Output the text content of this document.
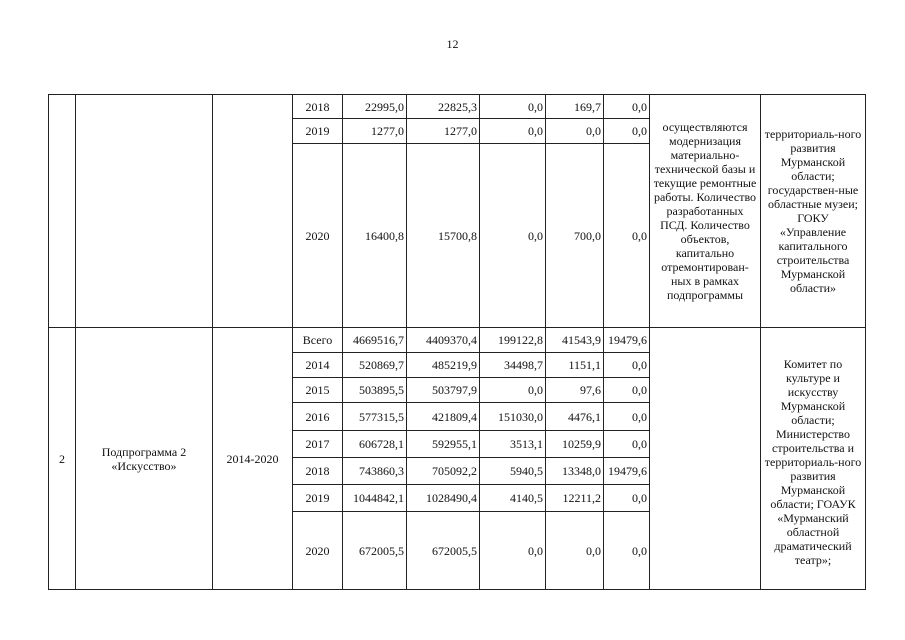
12
			2018	22995,0	22825,3	0,0	169,7	0,0	осуществляются модернизация материально-технической базы и текущие ремонтные работы. Количество разработанных ПСД. Количество объектов, капитально отремонтирован-ных в рамках подпрограммы	территориаль-ного развития Мурманской области; государствен-ные областные музеи; ГОКУ «Управление капитального строительства Мурманской области»
			2019	1277,0	1277,0	0,0	0,0	0,0		
			2020	16400,8	15700,8	0,0	700,0	0,0		
2	Подпрограмма 2 «Искусство»	2014-2020	Всего	4669516,7	4409370,4	199122,8	41543,9	19479,6		Комитет по культуре и искусству Мурманской области; Министерство строительства и территориаль-ного развития Мурманской области; ГОАУК «Мурманский областной драматический театр»;
			2014	520869,7	485219,9	34498,7	1151,1	0,0		
			2015	503895,5	503797,9	0,0	97,6	0,0		
			2016	577315,5	421809,4	151030,0	4476,1	0,0		
			2017	606728,1	592955,1	3513,1	10259,9	0,0		
			2018	743860,3	705092,2	5940,5	13348,0	19479,6		
			2019	1044842,1	1028490,4	4140,5	12211,2	0,0		
			2020	672005,5	672005,5	0,0	0,0	0,0		
